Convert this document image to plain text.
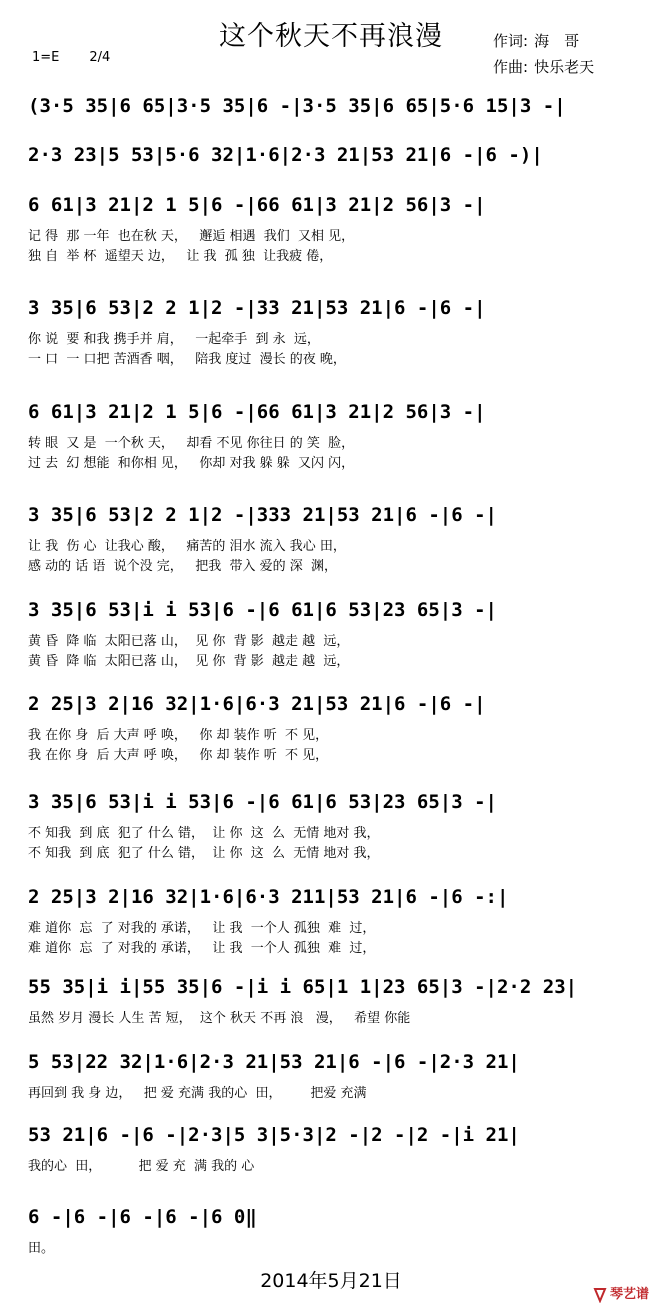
这个秋天不再浪漫
1=E 2/4
作词: 海　哥
作曲: 快乐老天
(3·5 35|6 65|3·5 35|6 -|3·5 35|6 65|5·6 15|3 -|
2·3 23|5 53|5·6 32|1·6|2·3 21|53 21|6 -|6 -)|
6 61|3 21|2 1 5|6 -|66 61|3 21|2 56|3 -|
记 得  那 一年  也在秋 天，   邂逅 相遇  我们  又相 见，
独 自  举 杯  遥望天 边，   让 我  孤 独  让我疲 倦，
3 35|6 53|2 2 1|2 -|33 21|53 21|6 -|6 -|
你 说  要 和我 携手并 肩，   一起牵手  到 永  远，
一 口  一 口把 苦酒香 咽，   陪我 度过  漫长 的夜 晚，
6 61|3 21|2 1 5|6 -|66 61|3 21|2 56|3 -|
转 眼  又 是  一个秋 天，   却看 不见 你往日 的 笑  脸，
过 去  幻 想能  和你相 见，   你却 对我 躲 躲  又闪 闪，
3 35|6 53|2 2 1|2 -|333 21|53 21|6 -|6 -|
让 我  伤 心  让我心 酸，   痛苦的 泪水 流入 我心 田，
感 动的 话 语  说个没 完，   把我  带入 爱的 深  渊，
3 35|6 53|i i 53|6 -|6 61|6 53|23 65|3 -|
黄 昏  降 临  太阳已落 山，  见 你  背 影  越走 越  远，
黄 昏  降 临  太阳已落 山，  见 你  背 影  越走 越  远，
2 25|3 2|16 32|1·6|6·3 21|53 21|6 -|6 -|
我 在你 身  后 大声 呼 唤，   你 却 装作 听  不 见，
我 在你 身  后 大声 呼 唤，   你 却 装作 听  不 见，
3 35|6 53|i i 53|6 -|6 61|6 53|23 65|3 -|
不 知我  到 底  犯了 什么 错，  让 你  这  么  无情 地对 我，
不 知我  到 底  犯了 什么 错，  让 你  这  么  无情 地对 我，
2 25|3 2|16 32|1·6|6·3 211|53 21|6 -|6 -:|
难 道你  忘  了 对我的 承诺，   让 我  一个人 孤独  难  过，
难 道你  忘  了 对我的 承诺，   让 我  一个人 孤独  难  过，
55 35|i i|55 35|6 -|i i 65|1 1|23 65|3 -|2·2 23|
虽然 岁月 漫长 人生 苦 短，  这个 秋天 不再 浪   漫，   希望 你能
5 53|22 32|1·6|2·3 21|53 21|6 -|6 -|2·3 21|
再回到 我 身 边，   把 爱 充满 我的心  田，       把爱 充满
53 21|6 -|6 -|2·3|5 3|5·3|2 -|2 -|2 -|i 21|
我的心  田，         把 爱 充  满 我的 心
6 -|6 -|6 -|6 -|6 0‖
田。
2014年5月21日
琴艺谱
